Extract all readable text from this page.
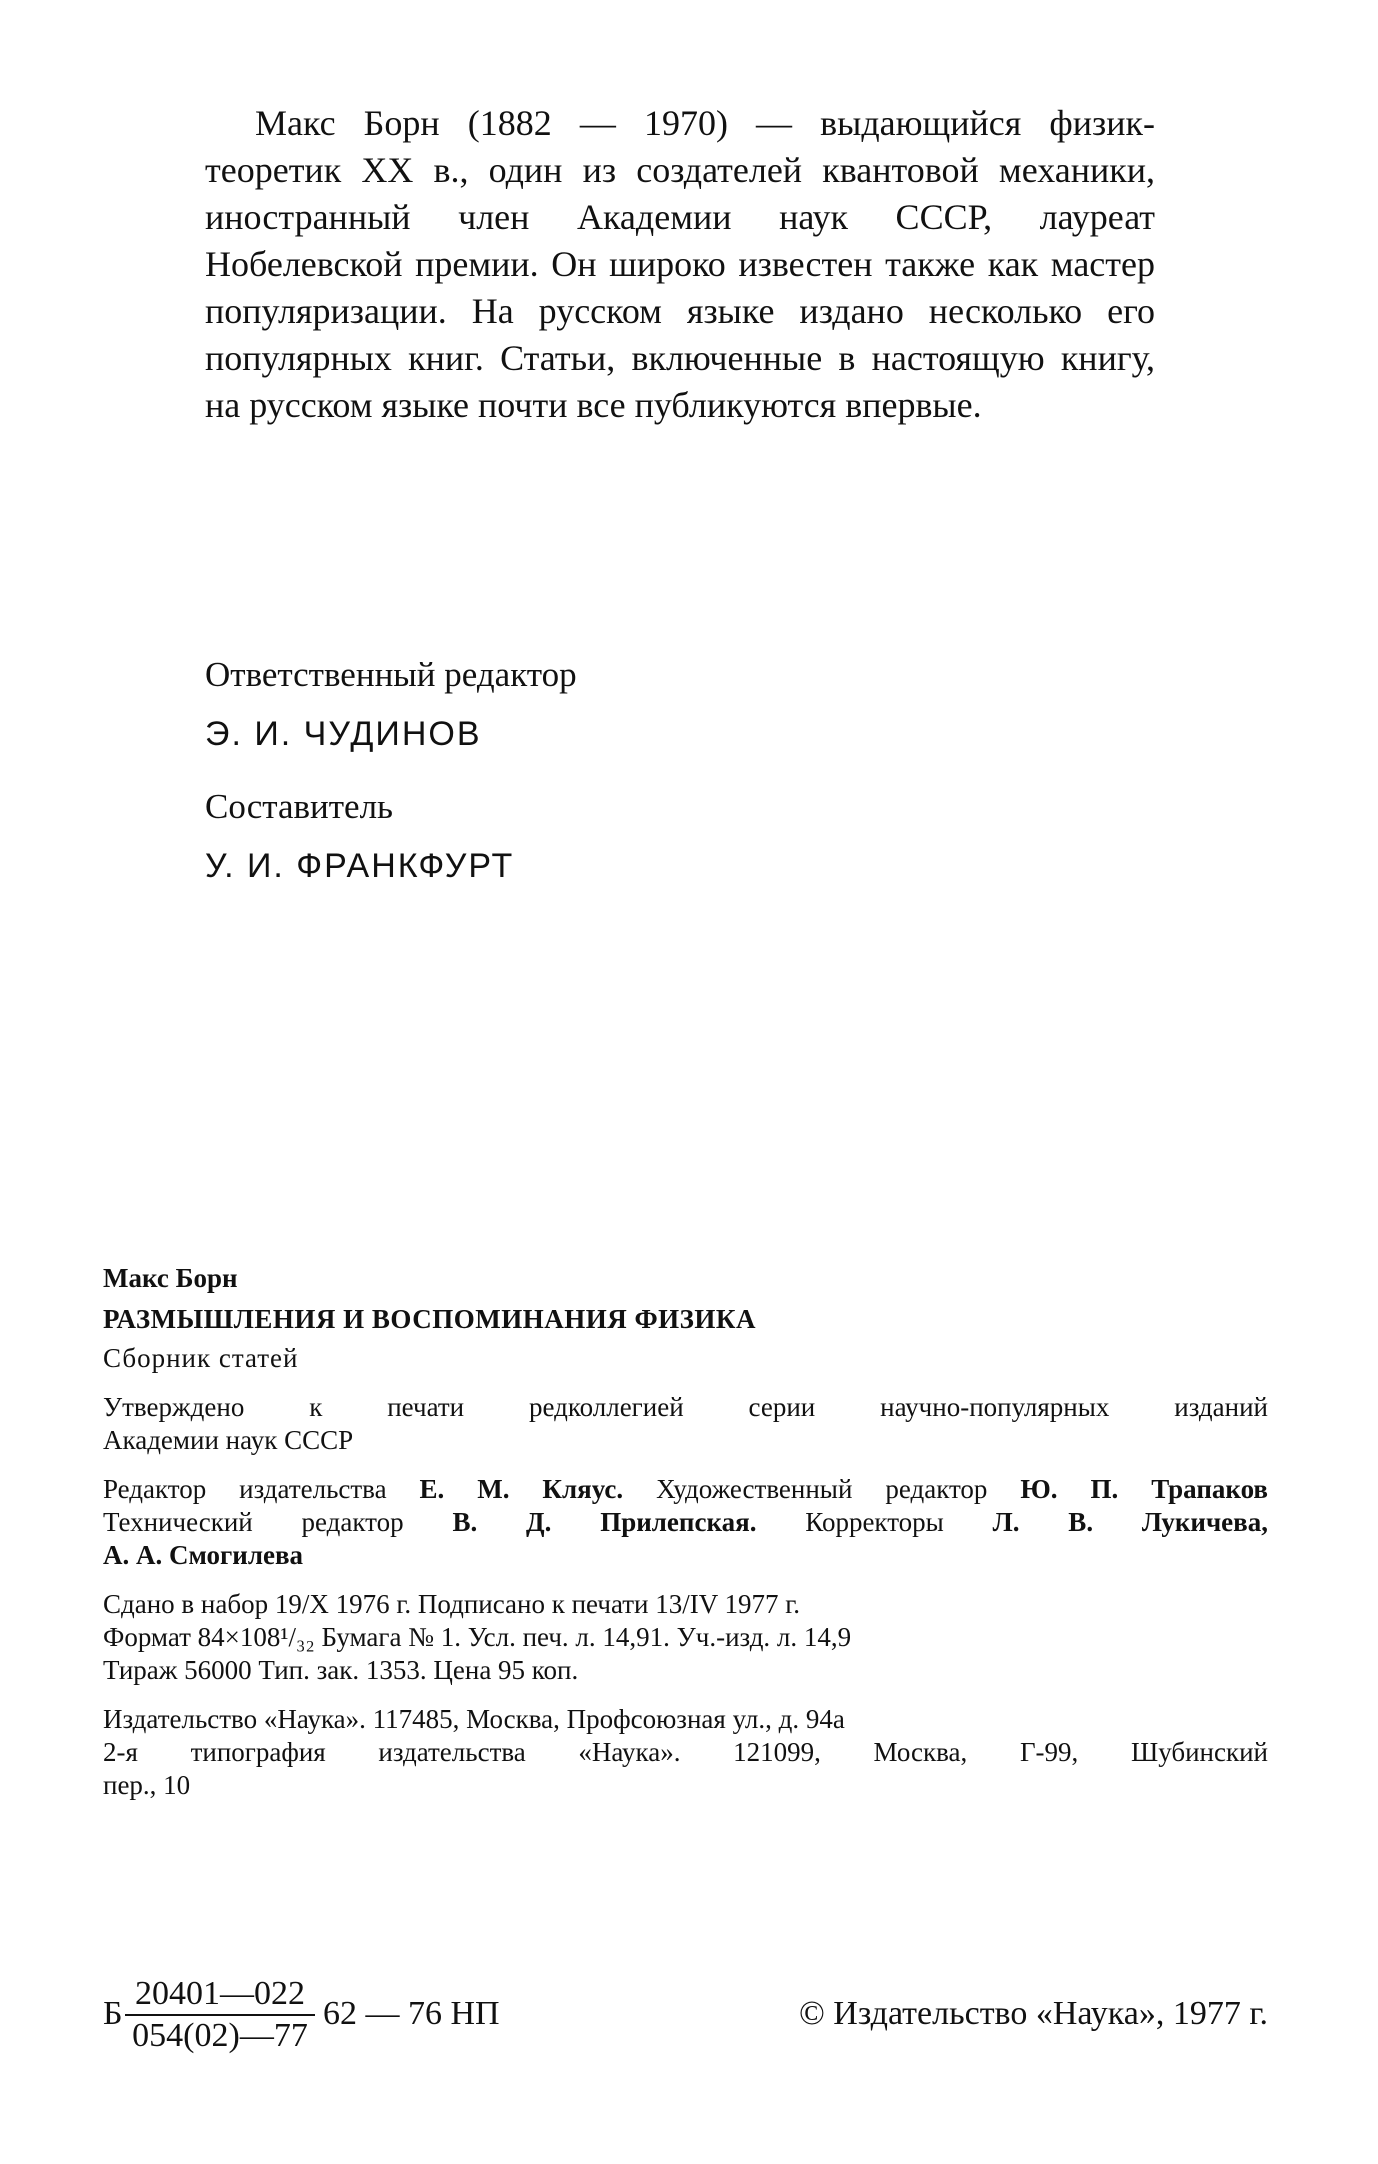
Макс Борн (1882 — 1970) — выдающийся физик-теоретик XX в., один из создателей квантовой механики, иностранный член Академии наук СССР, лауреат Нобелевской премии. Он широко известен также как мастер популяризации. На русском языке издано несколько его популярных книг. Статьи, включенные в настоящую книгу, на русском языке почти все публикуются впервые.

Ответственный редактор

Э. И. ЧУДИНОВ

Составитель

У. И. ФРАНКФУРТ

Макс Борн

РАЗМЫШЛЕНИЯ И ВОСПОМИНАНИЯ ФИЗИКА

Сборник статей

Утверждено к печати редколлегией серии научно-популярных изданий

Академии наук СССР

Редактор издательства Е. М. Кляус. Художественный редактор Ю. П. Трапаков

Технический редактор В. Д. Прилепская. Корректоры Л. В. Лукичева,

А. А. Смогилева

Сдано в набор 19/X 1976 г. Подписано к печати 13/IV 1977 г.

Формат 84×108¹/₃₂ Бумага № 1. Усл. печ. л. 14,91. Уч.-изд. л. 14,9

Тираж 56000 Тип. зак. 1353. Цена 95 коп.

Издательство «Наука». 117485, Москва, Профсоюзная ул., д. 94а

2-я типография издательства «Наука». 121099, Москва, Г-99, Шубинский

пер., 10

Б
20401—022
054(02)—77
62 — 76 НП	© Издательство «Наука», 1977 г.
